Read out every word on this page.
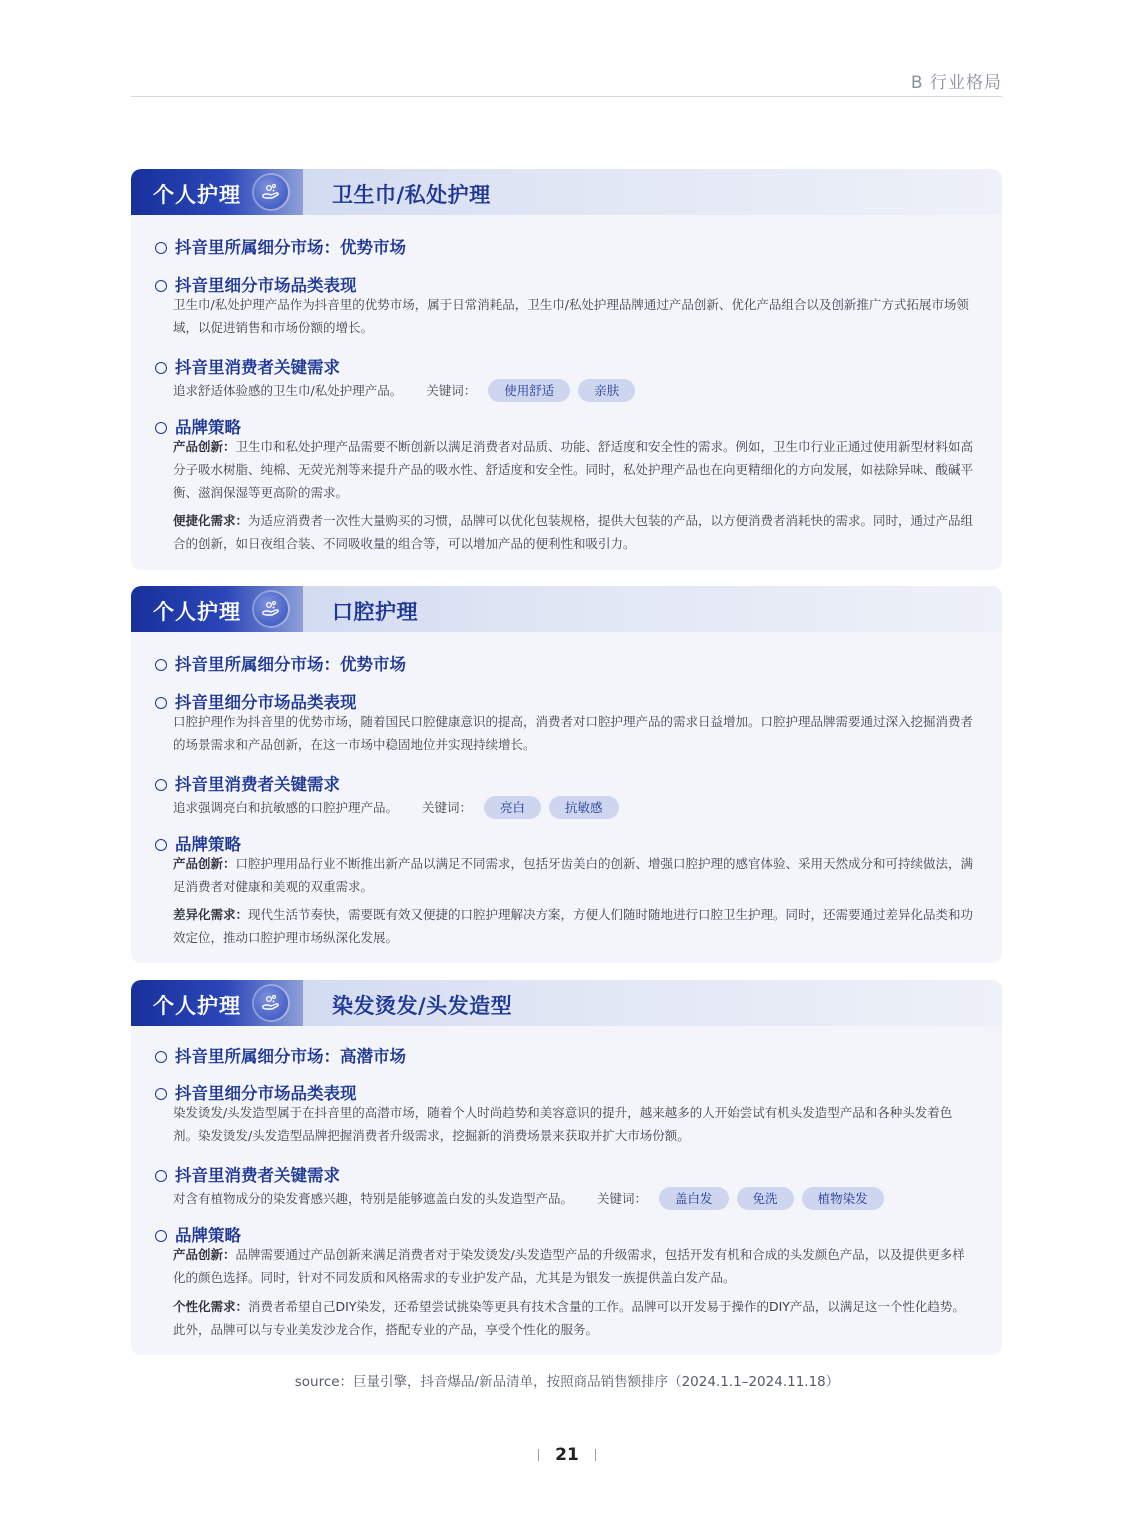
B 行业格局
个人护理	卫生巾/私处护理
抖音里所属细分市场：优势市场
抖音里细分市场品类表现
卫生巾/私处护理产品作为抖音里的优势市场，属于日常消耗品，卫生巾/私处护理品牌通过产品创新、优化产品组合以及创新推广方式拓展市场领域，以促进销售和市场份额的增长。
抖音里消费者关键需求
追求舒适体验感的卫生巾/私处护理产品。 关键词：	使用舒适	亲肤
品牌策略
产品创新：卫生巾和私处护理产品需要不断创新以满足消费者对品质、功能、舒适度和安全性的需求。例如，卫生巾行业正通过使用新型材料如高分子吸水树脂、纯棉、无荧光剂等来提升产品的吸水性、舒适度和安全性。同时，私处护理产品也在向更精细化的方向发展，如祛除异味、酸碱平衡、滋润保湿等更高阶的需求。
便捷化需求：为适应消费者一次性大量购买的习惯，品牌可以优化包装规格，提供大包装的产品，以方便消费者消耗快的需求。同时，通过产品组合的创新，如日夜组合装、不同吸收量的组合等，可以增加产品的便利性和吸引力。
个人护理	口腔护理
抖音里所属细分市场：优势市场
抖音里细分市场品类表现
口腔护理作为抖音里的优势市场，随着国民口腔健康意识的提高，消费者对口腔护理产品的需求日益增加。口腔护理品牌需要通过深入挖掘消费者的场景需求和产品创新，在这一市场中稳固地位并实现持续增长。
抖音里消费者关键需求
追求强调亮白和抗敏感的口腔护理产品。 关键词：	亮白	抗敏感
品牌策略
产品创新：口腔护理用品行业不断推出新产品以满足不同需求，包括牙齿美白的创新、增强口腔护理的感官体验、采用天然成分和可持续做法，满足消费者对健康和美观的双重需求。
差异化需求：现代生活节奏快，需要既有效又便捷的口腔护理解决方案，方便人们随时随地进行口腔卫生护理。同时，还需要通过差异化品类和功效定位，推动口腔护理市场纵深化发展。
个人护理	染发烫发/头发造型
抖音里所属细分市场：高潜市场
抖音里细分市场品类表现
染发烫发/头发造型属于在抖音里的高潜市场，随着个人时尚趋势和美容意识的提升，越来越多的人开始尝试有机头发造型产品和各种头发着色剂。染发烫发/头发造型品牌把握消费者升级需求，挖掘新的消费场景来获取并扩大市场份额。
抖音里消费者关键需求
对含有植物成分的染发膏感兴趣，特别是能够遮盖白发的头发造型产品。 关键词：	盖白发	免洗	植物染发
品牌策略
产品创新：品牌需要通过产品创新来满足消费者对于染发烫发/头发造型产品的升级需求，包括开发有机和合成的头发颜色产品，以及提供更多样化的颜色选择。同时，针对不同发质和风格需求的专业护发产品，尤其是为银发一族提供盖白发产品。
个性化需求：消费者希望自己DIY染发，还希望尝试挑染等更具有技术含量的工作。品牌可以开发易于操作的DIY产品，以满足这一个性化趋势。此外，品牌可以与专业美发沙龙合作，搭配专业的产品，享受个性化的服务。
source：巨量引擎，抖音爆品/新品清单，按照商品销售额排序（2024.1.1–2024.11.18）
21
